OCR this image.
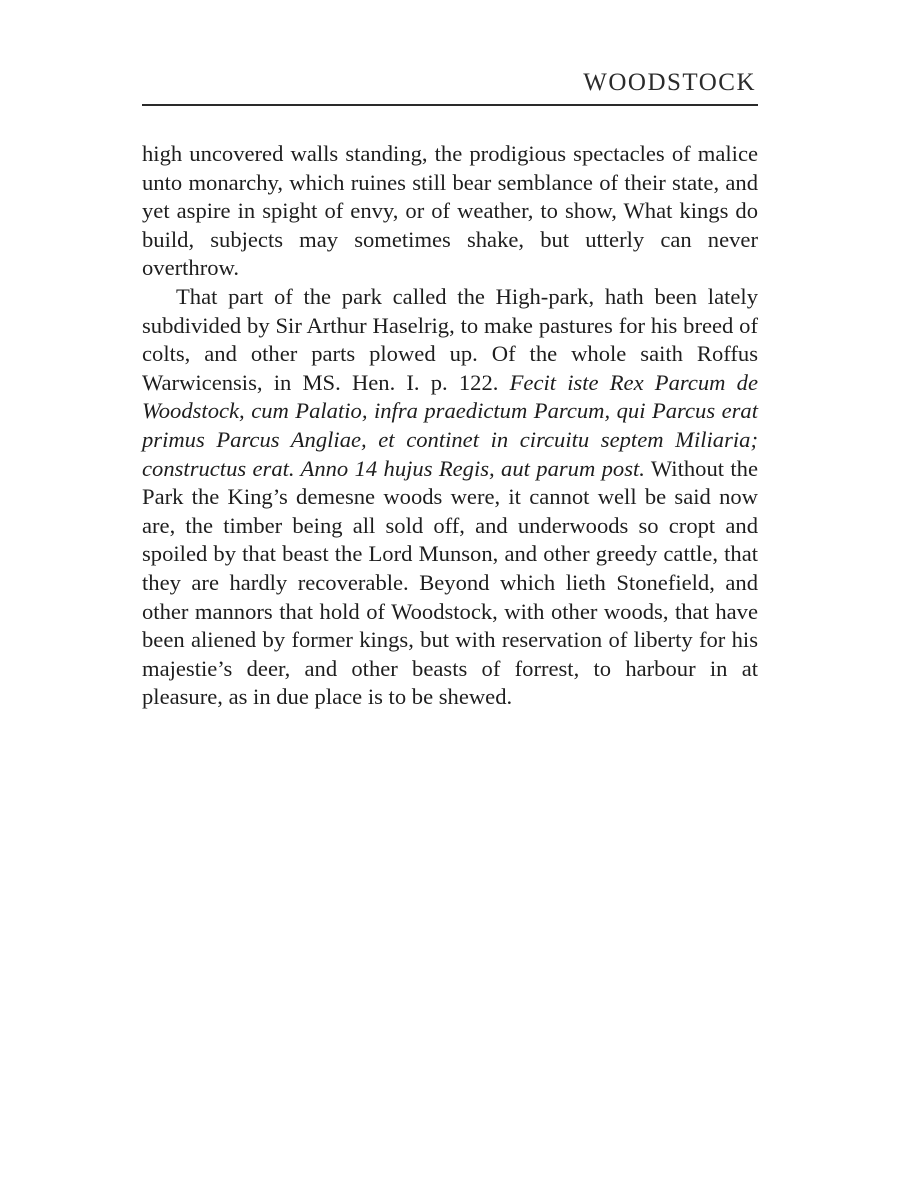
WOODSTOCK

high uncovered walls standing, the prodigious spectacles of malice unto monarchy, which ruines still bear semblance of their state, and yet aspire in spight of envy, or of weather, to show, What kings do build, subjects may sometimes shake, but utterly can never overthrow.

That part of the park called the High-park, hath been lately subdivided by Sir Arthur Haselrig, to make pastures for his breed of colts, and other parts plowed up. Of the whole saith Roffus Warwicensis, in MS. Hen. I. p. 122. Fecit iste Rex Parcum de Woodstock, cum Palatio, infra praedictum Parcum, qui Parcus erat primus Parcus Angliae, et continet in circuitu septem Miliaria; constructus erat. Anno 14 hujus Regis, aut parum post. Without the Park the King’s demesne woods were, it cannot well be said now are, the timber being all sold off, and underwoods so cropt and spoiled by that beast the Lord Munson, and other greedy cattle, that they are hardly recoverable. Beyond which lieth Stonefield, and other mannors that hold of Woodstock, with other woods, that have been aliened by former kings, but with reservation of liberty for his majestie’s deer, and other beasts of forrest, to harbour in at pleasure, as in due place is to be shewed.
